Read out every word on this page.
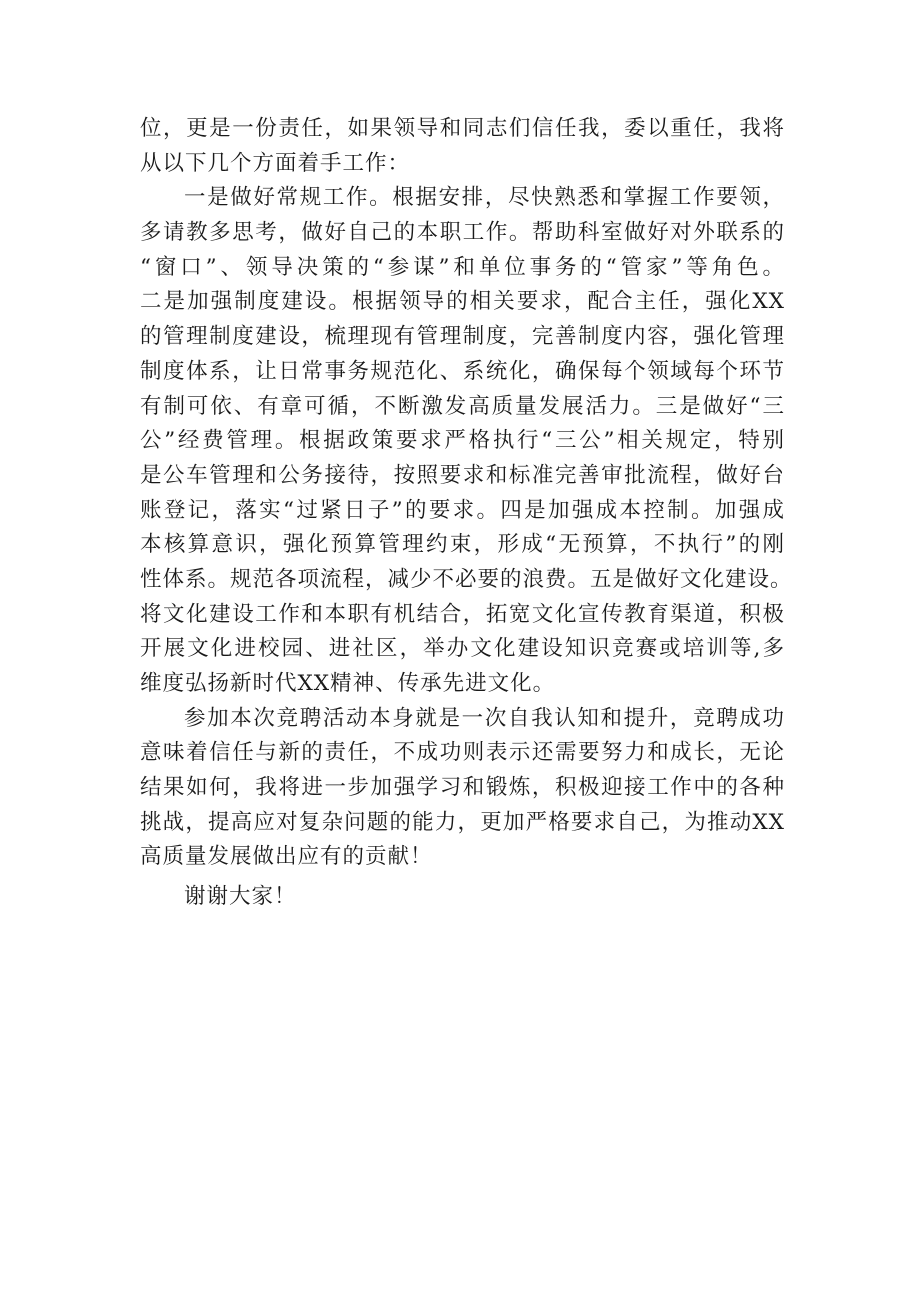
位，更是一份责任，如果领导和同志们信任我，委以重任，我将
从以下几个方面着手工作：
一是做好常规工作。根据安排，尽快熟悉和掌握工作要领，
多请教多思考，做好自己的本职工作。帮助科室做好对外联系的
“窗口”、领导决策的“参谋”和单位事务的“管家”等角色。
二是加强制度建设。根据领导的相关要求，配合主任，强化XX
的管理制度建设，梳理现有管理制度，完善制度内容，强化管理
制度体系，让日常事务规范化、系统化，确保每个领域每个环节
有制可依、有章可循，不断激发高质量发展活力。三是做好“三
公”经费管理。根据政策要求严格执行“三公”相关规定，特别
是公车管理和公务接待，按照要求和标准完善审批流程，做好台
账登记，落实“过紧日子”的要求。四是加强成本控制。加强成
本核算意识，强化预算管理约束，形成“无预算，不执行”的刚
性体系。规范各项流程，减少不必要的浪费。五是做好文化建设。
将文化建设工作和本职有机结合，拓宽文化宣传教育渠道，积极
开展文化进校园、进社区，举办文化建设知识竞赛或培训等,多
维度弘扬新时代XX精神、传承先进文化。
参加本次竞聘活动本身就是一次自我认知和提升，竞聘成功
意味着信任与新的责任，不成功则表示还需要努力和成长，无论
结果如何，我将进一步加强学习和锻炼，积极迎接工作中的各种
挑战，提高应对复杂问题的能力，更加严格要求自己，为推动XX
高质量发展做出应有的贡献！
谢谢大家！
